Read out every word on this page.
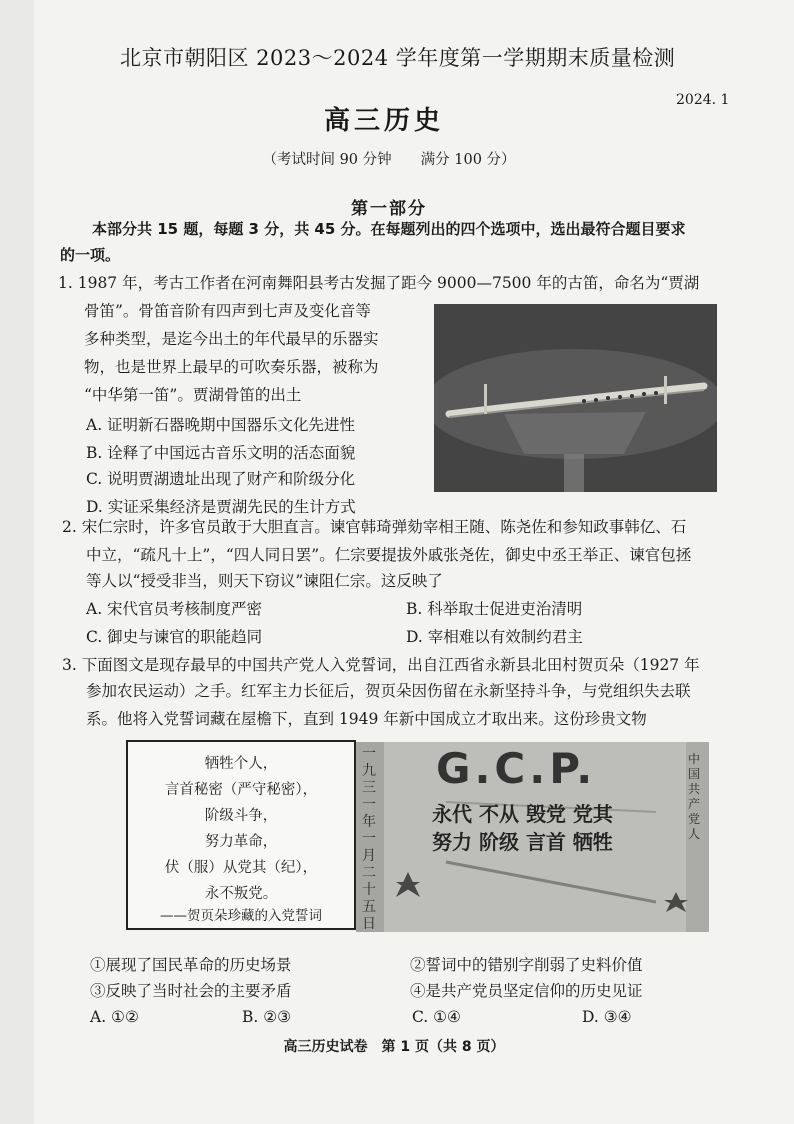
北京市朝阳区 2023～2024 学年度第一学期期末质量检测
2024. 1
高三历史
（考试时间 90 分钟　　满分 100 分）
第一部分
本部分共 15 题，每题 3 分，共 45 分。在每题列出的四个选项中，选出最符合题目要求
的一项。
1. 1987 年，考古工作者在河南舞阳县考古发掘了距今 9000—7500 年的古笛，命名为“贾湖
骨笛”。骨笛音阶有四声到七声及变化音等
多种类型，是迄今出土的年代最早的乐器实
物，也是世界上最早的可吹奏乐器，被称为
“中华第一笛”。贾湖骨笛的出土
A. 证明新石器晚期中国器乐文化先进性
B. 诠释了中国远古音乐文明的活态面貌
C. 说明贾湖遗址出现了财产和阶级分化
D. 实证采集经济是贾湖先民的生计方式
2. 宋仁宗时，许多官员敢于大胆直言。谏官韩琦弹劾宰相王随、陈尧佐和参知政事韩亿、石
中立，“疏凡十上”，“四人同日罢”。仁宗要提拔外戚张尧佐，御史中丞王举正、谏官包拯
等人以“授受非当，则天下窃议”谏阻仁宗。这反映了
A. 宋代官员考核制度严密	B. 科举取士促进吏治清明
C. 御史与谏官的职能趋同	D. 宰相难以有效制约君主
3. 下面图文是现存最早的中国共产党人入党誓词，出自江西省永新县北田村贺页朵（1927 年
参加农民运动）之手。红军主力长征后，贺页朵因伤留在永新坚持斗争，与党组织失去联
系。他将入党誓词藏在屋檐下，直到 1949 年新中国成立才取出来。这份珍贵文物
牺牲个人，
言首秘密（严守秘密），
阶级斗争，
努力革命，
伏（服）从党其（纪），
永不叛党。
——贺页朵珍藏的入党誓词
G.C.P.
一九三一年一月二十五日
中国共产党人
永代 不从 毁党 党其
努力 阶级 言首 牺牲
①展现了国民革命的历史场景	②誓词中的错别字削弱了史料价值
③反映了当时社会的主要矛盾	④是共产党员坚定信仰的历史见证
A. ①②	B. ②③	C. ①④	D. ③④
高三历史试卷　第 1 页（共 8 页）
